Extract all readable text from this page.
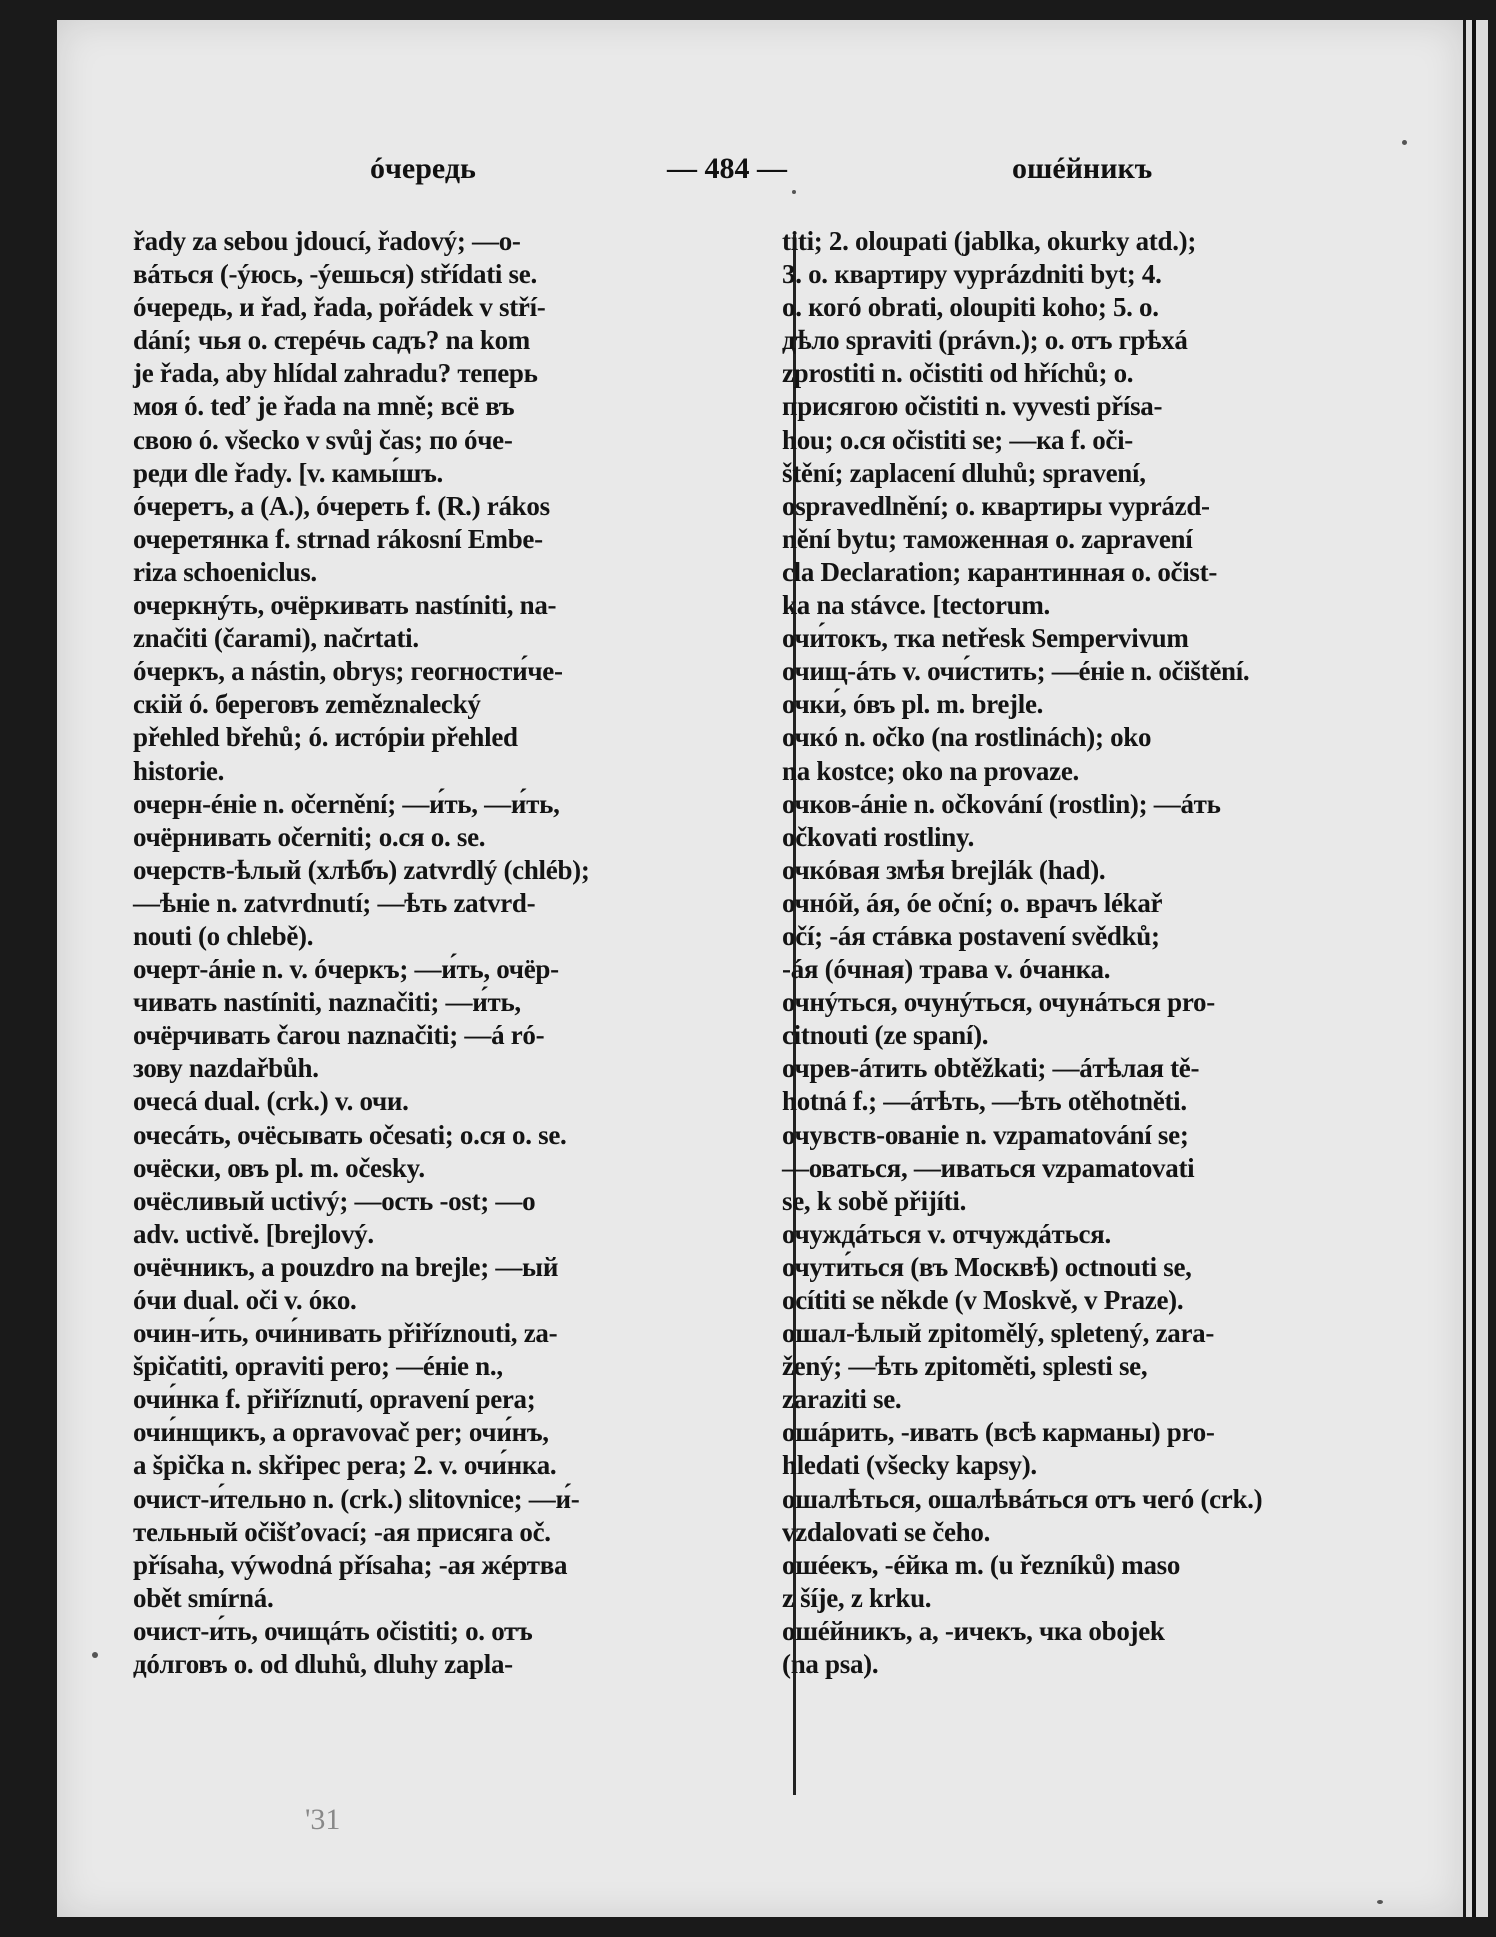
óчередь	— 484 —	ошéйникъ
řady za sebou jdoucí, řadový; —o-
вáться (-ýюсь, -ýешься) střídati se.
óчередь, и řad, řada, pořádek v stří-
dání; чья о. стерéчь садъ? na kom
je řada, aby hlídal zahradu? теперь
моя ó. teď je řada na mně; всё въ
свою ó. všecko v svůj čas; по óче-
реди dle řady. [v. камы́шъ.
óчеретъ, а (A.), óчереть f. (R.) rákos
очеретянка f. strnad rákosní Embe-
riza schoeniclus.
очеркнýть, очёркивать nastíniti, na-
značiti (čarami), načrtati.
óчеркъ, а nástin, obrys; геогности́че-
скій ó. береговъ zeměznalecký
přehled břehů; ó. истóріи přehled
historie.
очерн-éніе n. očernění; —и́ть, —и́ть,
очёрнивать očerniti; o.ся o. se.
очерств-ѣлый (хлѣбъ) zatvrdlý (chléb);
—ѣніе n. zatvrdnutí; —ѣть zatvrd-
nouti (o chlebě).
очерт-áніе n. v. óчеркъ; —и́ть, очёр-
чивать nastíniti, naznačiti; —и́ть,
очёрчивать čarou naznačiti; —á ró-
зову nazdařbůh.
очесá dual. (crk.) v. очи.
очесáть, очёсывать očesati; o.ся o. se.
очёски, овъ pl. m. očesky.
очёсливый uctivý; —ость -ost; —о
adv. uctivě. [brejlový.
очёчникъ, а pouzdro na brejle; —ый
óчи dual. oči v. óко.
очин-и́ть, очи́нивать přiříznouti, za-
špičatiti, opraviti pero; —éніе n.,
очи́нка f. přiříznutí, opravení pera;
очи́нщикъ, а opravovač per; очи́нъ,
a špička n. skřipec pera; 2. v. очи́нка.
очист-и́тельно n. (crk.) slitovnice; —и́-
тельный očišťovací; -ая присяга oč.
přísaha, výwodná přísaha; -ая жéртва
obět smírná.
очист-и́ть, очищáть očistiti; o. отъ
дóлговъ o. od dluhů, dluhy zapla-
titi; 2. oloupati (jablka, okurky atd.);
3. o. квартиру vyprázdniti byt; 4.
o. когó obrati, oloupiti koho; 5. o.
дѣло spraviti (právn.); o. отъ грѣхá
zprostiti n. očistiti od hříchů; o.
присягою očistiti n. vyvesti přísa-
hou; o.ся očistiti se; —ка f. oči-
štění; zaplacení dluhů; spravení,
ospravedlnění; o. квартиры vyprázd-
nění bytu; таможенная о. zapravení
cla Declaration; карантинная о. očist-
ka na stávce. [tectorum.
очи́токъ, тка netřesk Sempervivum
очищ-áть v. очи́стить; —éніе n. očištění.
очки́, óвъ pl. m. brejle.
очкó n. očko (na rostlinách); oko
na kostce; oko na provaze.
очков-áніе n. očkování (rostlin); —áть
očkovati rostliny.
очкóвая змѣя brejlák (had).
очнóй, áя, óе oční; o. врачъ lékař
očí; -áя стáвка postavení svědků;
-áя (óчная) трава v. óчанка.
очнýться, очунýться, очунáться pro-
citnouti (ze spaní).
очрев-áтить obtěžkati; —áтѣлая tě-
hotná f.; —áтѣть, —ѣть otěhotněti.
очувств-ованіе n. vzpamatování se;
—оваться, —иваться vzpamatovati
se, k sobě přijíti.
очуждáться v. отчуждáться.
очути́ться (въ Москвѣ) octnouti se,
ocítiti se někde (v Moskvě, v Praze).
ошал-ѣлый zpitomělý, spletený, zara-
žený; —ѣть zpitoměti, splesti se,
zaraziti se.
ошáрить, -ивать (всѣ карманы) pro-
hledati (všecky kapsy).
ошалѣться, ошалѣвáться отъ чегó (crk.)
vzdalovati se čeho.
ошéекъ, -éйка m. (u řezníků) maso
z šíje, z krku.
ошéйникъ, а, -ичекъ, чка obojek
(na psa).
'31
